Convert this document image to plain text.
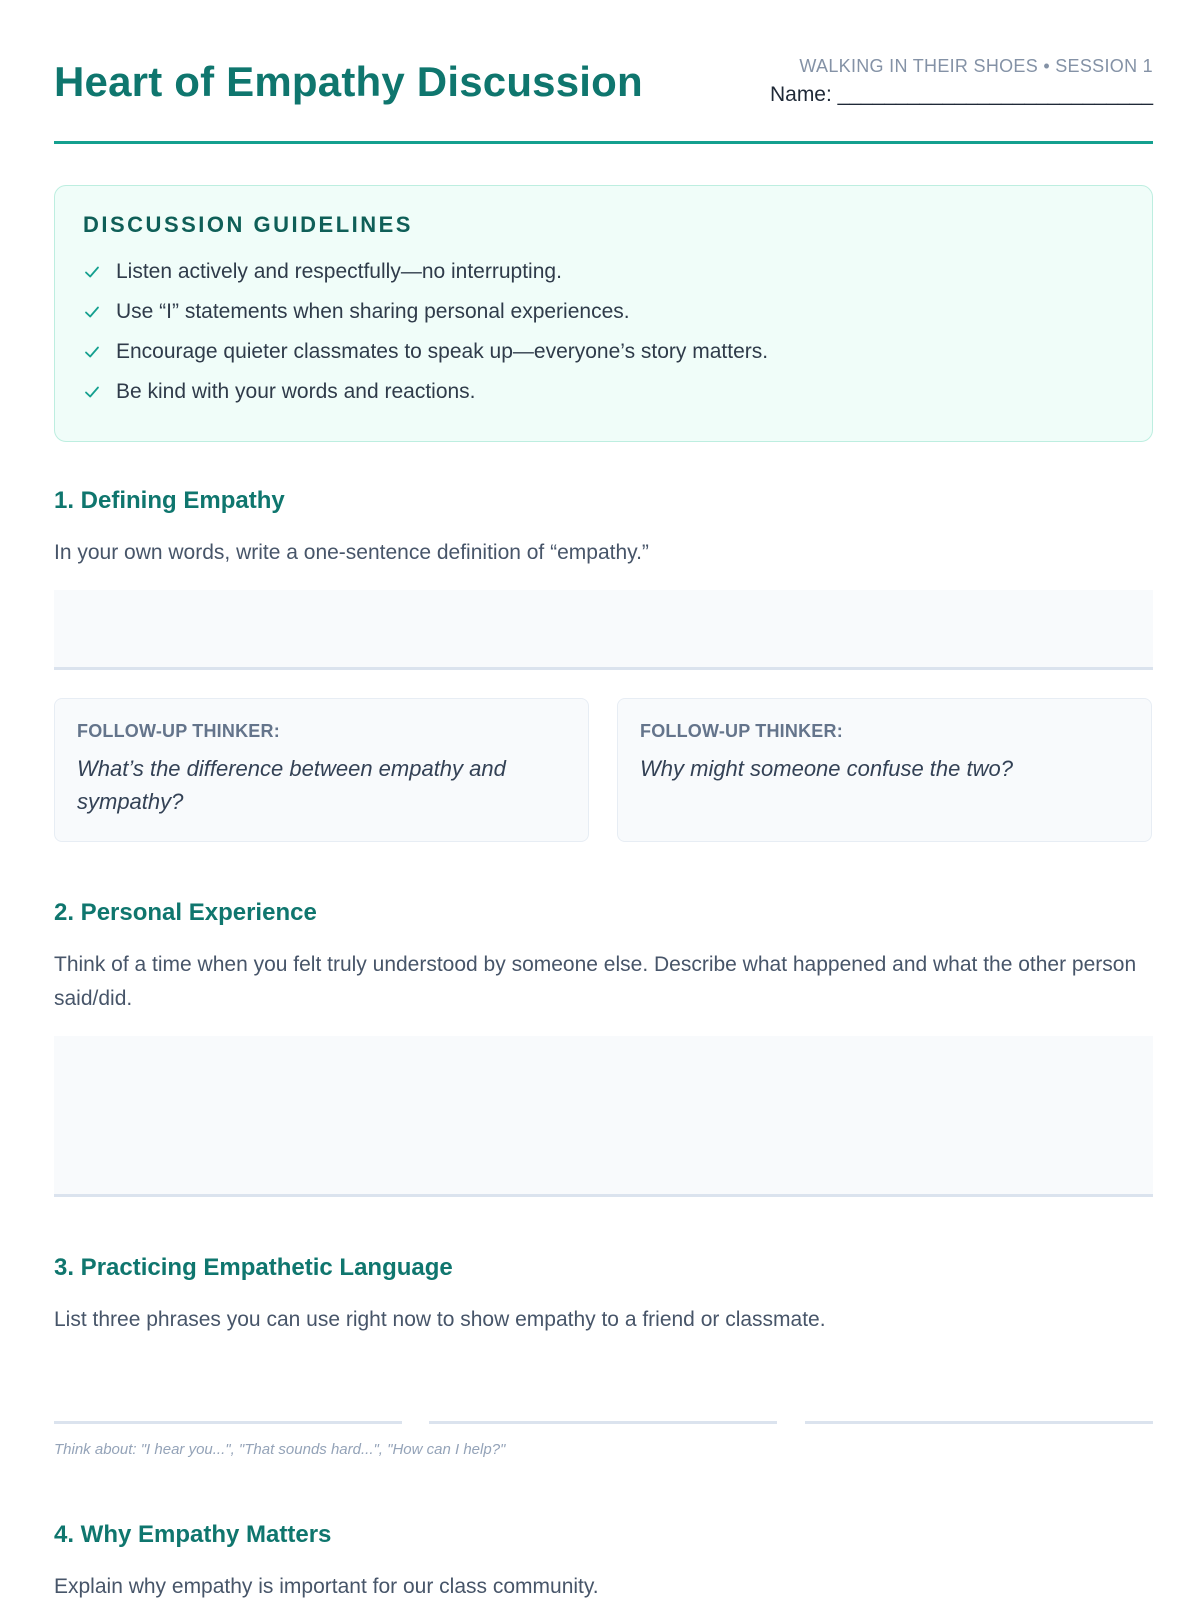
Heart of Empathy Discussion	WALKING IN THEIR SHOES • SESSION 1
Name: ___________________________
DISCUSSION GUIDELINES
Listen actively and respectfully—no interrupting.
Use “I” statements when sharing personal experiences.
Encourage quieter classmates to speak up—everyone’s story matters.
Be kind with your words and reactions.
1. Defining Empathy

In your own words, write a one-sentence definition of “empathy.”

FOLLOW-UP THINKER:
What’s the difference between empathy and sympathy?
FOLLOW-UP THINKER:
Why might someone confuse the two?
2. Personal Experience

Think of a time when you felt truly understood by someone else. Describe what happened and what the other person said/did.

3. Practicing Empathetic Language

List three phrases you can use right now to show empathy to a friend or classmate.

Think about: "I hear you...", "That sounds hard...", "How can I help?"

4. Why Empathy Matters

Explain why empathy is important for our class community.
